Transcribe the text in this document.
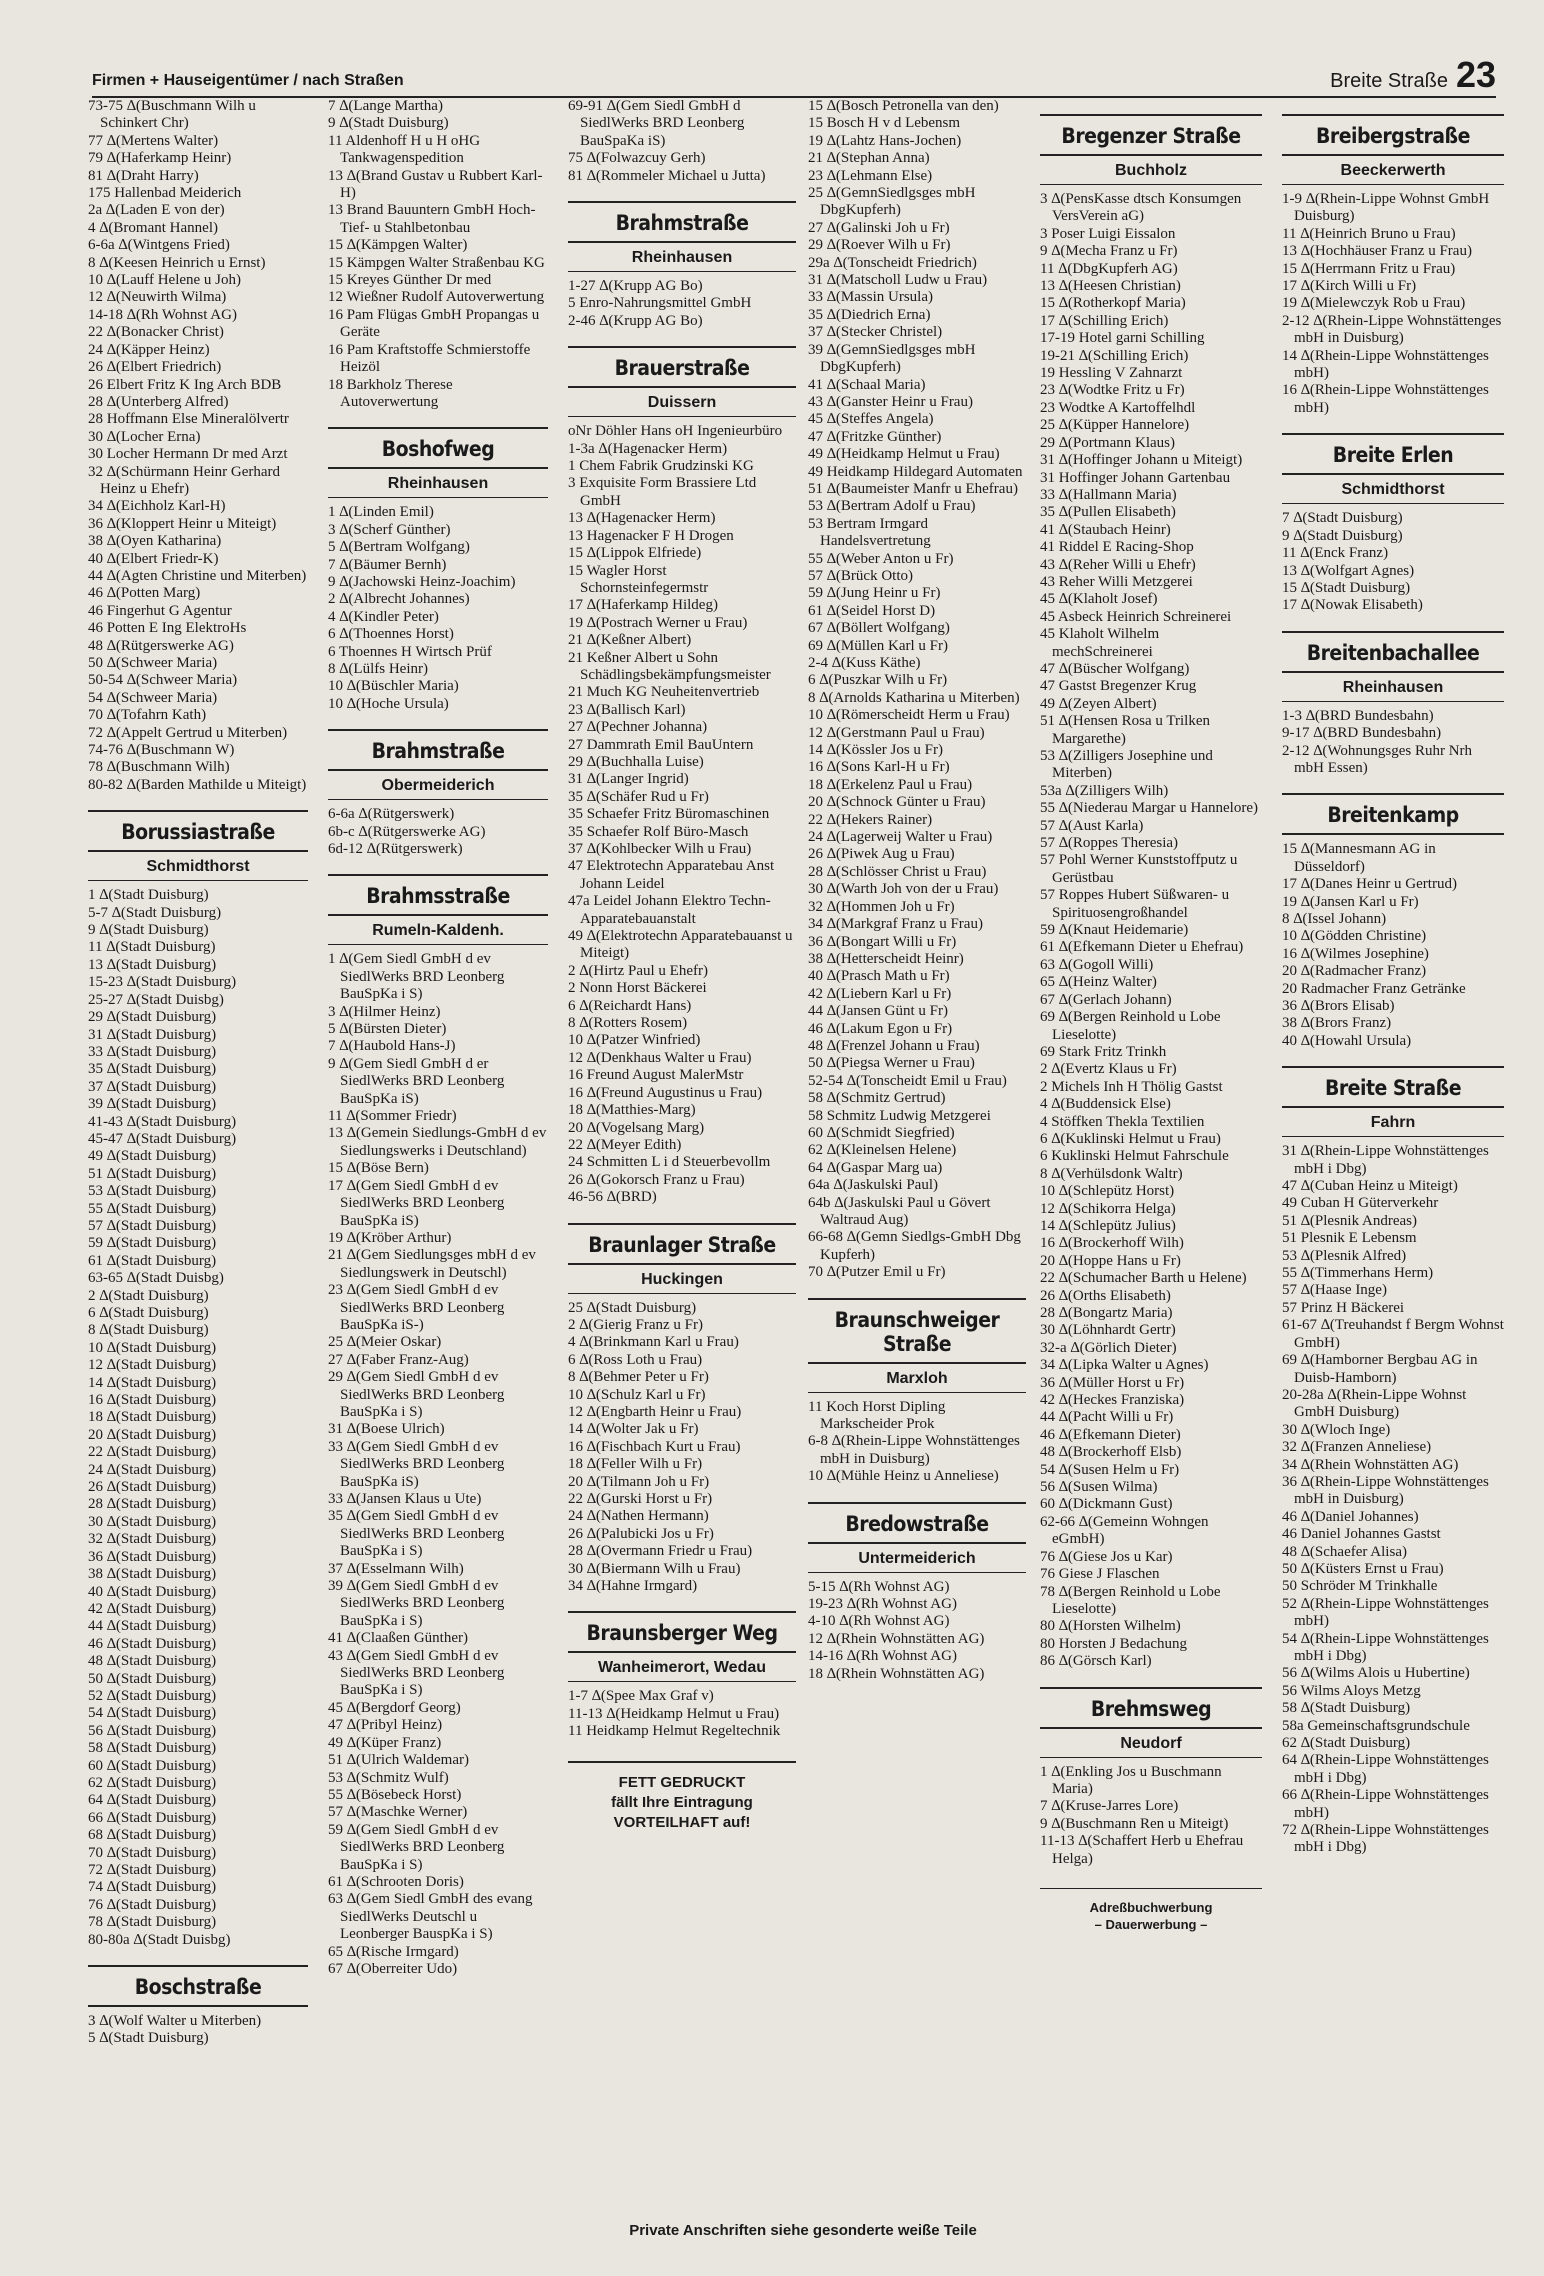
Firmen + Hauseigentümer / nach Straßen	Breite Straße 23
73-75 ∆(Buschmann Wilh u Schinkert Chr)
77 ∆(Mertens Walter)
79 ∆(Haferkamp Heinr)
81 ∆(Draht Harry)
175 Hallenbad Meiderich
2a ∆(Laden E von der)
4 ∆(Bromant Hannel)
6-6a ∆(Wintgens Fried)
8 ∆(Keesen Heinrich u Ernst)
10 ∆(Lauff Helene u Joh)
12 ∆(Neuwirth Wilma)
14-18 ∆(Rh Wohnst AG)
22 ∆(Bonacker Christ)
24 ∆(Käpper Heinz)
26 ∆(Elbert Friedrich)
26 Elbert Fritz K Ing Arch BDB
28 ∆(Unterberg Alfred)
28 Hoffmann Else Mineralölvertr
30 ∆(Locher Erna)
30 Locher Hermann Dr med Arzt
32 ∆(Schürmann Heinr Gerhard Heinz u Ehefr)
34 ∆(Eichholz Karl-H)
36 ∆(Kloppert Heinr u Miteigt)
38 ∆(Oyen Katharina)
40 ∆(Elbert Friedr-K)
44 ∆(Agten Christine und Miterben)
46 ∆(Potten Marg)
46 Fingerhut G Agentur
46 Potten E Ing ElektroHs
48 ∆(Rütgerswerke AG)
50 ∆(Schweer Maria)
50-54 ∆(Schweer Maria)
54 ∆(Schweer Maria)
70 ∆(Tofahrn Kath)
72 ∆(Appelt Gertrud u Miterben)
74-76 ∆(Buschmann W)
78 ∆(Buschmann Wilh)
80-82 ∆(Barden Mathilde u Miteigt)
Borussiastraße
Schmidthorst
1 ∆(Stadt Duisburg)
5-7 ∆(Stadt Duisburg)
9 ∆(Stadt Duisburg)
11 ∆(Stadt Duisburg)
13 ∆(Stadt Duisburg)
15-23 ∆(Stadt Duisburg)
25-27 ∆(Stadt Duisbg)
29 ∆(Stadt Duisburg)
31 ∆(Stadt Duisburg)
33 ∆(Stadt Duisburg)
35 ∆(Stadt Duisburg)
37 ∆(Stadt Duisburg)
39 ∆(Stadt Duisburg)
41-43 ∆(Stadt Duisburg)
45-47 ∆(Stadt Duisburg)
49 ∆(Stadt Duisburg)
51 ∆(Stadt Duisburg)
53 ∆(Stadt Duisburg)
55 ∆(Stadt Duisburg)
57 ∆(Stadt Duisburg)
59 ∆(Stadt Duisburg)
61 ∆(Stadt Duisburg)
63-65 ∆(Stadt Duisbg)
2 ∆(Stadt Duisburg)
6 ∆(Stadt Duisburg)
8 ∆(Stadt Duisburg)
10 ∆(Stadt Duisburg)
12 ∆(Stadt Duisburg)
14 ∆(Stadt Duisburg)
16 ∆(Stadt Duisburg)
18 ∆(Stadt Duisburg)
20 ∆(Stadt Duisburg)
22 ∆(Stadt Duisburg)
24 ∆(Stadt Duisburg)
26 ∆(Stadt Duisburg)
28 ∆(Stadt Duisburg)
30 ∆(Stadt Duisburg)
32 ∆(Stadt Duisburg)
36 ∆(Stadt Duisburg)
38 ∆(Stadt Duisburg)
40 ∆(Stadt Duisburg)
42 ∆(Stadt Duisburg)
44 ∆(Stadt Duisburg)
46 ∆(Stadt Duisburg)
48 ∆(Stadt Duisburg)
50 ∆(Stadt Duisburg)
52 ∆(Stadt Duisburg)
54 ∆(Stadt Duisburg)
56 ∆(Stadt Duisburg)
58 ∆(Stadt Duisburg)
60 ∆(Stadt Duisburg)
62 ∆(Stadt Duisburg)
64 ∆(Stadt Duisburg)
66 ∆(Stadt Duisburg)
68 ∆(Stadt Duisburg)
70 ∆(Stadt Duisburg)
72 ∆(Stadt Duisburg)
74 ∆(Stadt Duisburg)
76 ∆(Stadt Duisburg)
78 ∆(Stadt Duisburg)
80-80a ∆(Stadt Duisbg)
Boschstraße
3 ∆(Wolf Walter u Miterben)
5 ∆(Stadt Duisburg)
7 ∆(Lange Martha)
9 ∆(Stadt Duisburg)
11 Aldenhoff H u H oHG Tankwagenspedition
13 ∆(Brand Gustav u Rubbert Karl-H)
13 Brand Bauuntern GmbH Hoch- Tief- u Stahlbetonbau
15 ∆(Kämpgen Walter)
15 Kämpgen Walter Straßenbau KG
15 Kreyes Günther Dr med
12 Wießner Rudolf Autoverwertung
16 Pam Flügas GmbH Propangas u Geräte
16 Pam Kraftstoffe Schmierstoffe Heizöl
18 Barkholz Therese Autoverwertung
Boshofweg
Rheinhausen
1 ∆(Linden Emil)
3 ∆(Scherf Günther)
5 ∆(Bertram Wolfgang)
7 ∆(Bäumer Bernh)
9 ∆(Jachowski Heinz-Joachim)
2 ∆(Albrecht Johannes)
4 ∆(Kindler Peter)
6 ∆(Thoennes Horst)
6 Thoennes H Wirtsch Prüf
8 ∆(Lülfs Heinr)
10 ∆(Büschler Maria)
10 ∆(Hoche Ursula)
Brahmstraße
Obermeiderich
6-6a ∆(Rütgerswerk)
6b-c ∆(Rütgerswerke AG)
6d-12 ∆(Rütgerswerk)
Brahmsstraße
Rumeln-Kaldenh.
1 ∆(Gem Siedl GmbH d ev SiedlWerks BRD Leonberg BauSpKa i S)
3 ∆(Hilmer Heinz)
5 ∆(Bürsten Dieter)
7 ∆(Haubold Hans-J)
9 ∆(Gem Siedl GmbH d er SiedlWerks BRD Leonberg BauSpKa iS)
11 ∆(Sommer Friedr)
13 ∆(Gemein Siedlungs-GmbH d ev Siedlungswerks i Deutschland)
15 ∆(Böse Bern)
17 ∆(Gem Siedl GmbH d ev SiedlWerks BRD Leonberg BauSpKa iS)
19 ∆(Kröber Arthur)
21 ∆(Gem Siedlungsges mbH d ev Siedlungswerk in Deutschl)
23 ∆(Gem Siedl GmbH d ev SiedlWerks BRD Leonberg BauSpKa iS-)
25 ∆(Meier Oskar)
27 ∆(Faber Franz-Aug)
29 ∆(Gem Siedl GmbH d ev SiedlWerks BRD Leonberg BauSpKa i S)
31 ∆(Boese Ulrich)
33 ∆(Gem Siedl GmbH d ev SiedlWerks BRD Leonberg BauSpKa iS)
33 ∆(Jansen Klaus u Ute)
35 ∆(Gem Siedl GmbH d ev SiedlWerks BRD Leonberg BauSpKa i S)
37 ∆(Esselmann Wilh)
39 ∆(Gem Siedl GmbH d ev SiedlWerks BRD Leonberg BauSpKa i S)
41 ∆(Claaßen Günther)
43 ∆(Gem Siedl GmbH d ev SiedlWerks BRD Leonberg BauSpKa i S)
45 ∆(Bergdorf Georg)
47 ∆(Pribyl Heinz)
49 ∆(Küper Franz)
51 ∆(Ulrich Waldemar)
53 ∆(Schmitz Wulf)
55 ∆(Bösebeck Horst)
57 ∆(Maschke Werner)
59 ∆(Gem Siedl GmbH d ev SiedlWerks BRD Leonberg BauSpKa i S)
61 ∆(Schrooten Doris)
63 ∆(Gem Siedl GmbH des evang SiedlWerks Deutschl u Leonberger BauspKa i S)
65 ∆(Rische Irmgard)
67 ∆(Oberreiter Udo)
69-91 ∆(Gem Siedl GmbH d SiedlWerks BRD Leonberg BauSpaKa iS)
75 ∆(Folwazcuy Gerh)
81 ∆(Rommeler Michael u Jutta)
Brahmstraße
Rheinhausen
1-27 ∆(Krupp AG Bo)
5 Enro-Nahrungsmittel GmbH
2-46 ∆(Krupp AG Bo)
Brauerstraße
Duissern
oNr Döhler Hans oH Ingenieurbüro
1-3a ∆(Hagenacker Herm)
1 Chem Fabrik Grudzinski KG
3 Exquisite Form Brassiere Ltd GmbH
13 ∆(Hagenacker Herm)
13 Hagenacker F H Drogen
15 ∆(Lippok Elfriede)
15 Wagler Horst Schornsteinfegermstr
17 ∆(Haferkamp Hildeg)
19 ∆(Postrach Werner u Frau)
21 ∆(Keßner Albert)
21 Keßner Albert u Sohn Schädlingsbekämpfungsmeister
21 Much KG Neuheitenvertrieb
23 ∆(Ballisch Karl)
27 ∆(Pechner Johanna)
27 Dammrath Emil BauUntern
29 ∆(Buchhalla Luise)
31 ∆(Langer Ingrid)
35 ∆(Schäfer Rud u Fr)
35 Schaefer Fritz Büromaschinen
35 Schaefer Rolf Büro-Masch
37 ∆(Kohlbecker Wilh u Frau)
47 Elektrotechn Apparatebau Anst Johann Leidel
47a Leidel Johann Elektro Techn-Apparatebauanstalt
49 ∆(Elektrotechn Apparatebauanst u Miteigt)
2 ∆(Hirtz Paul u Ehefr)
2 Nonn Horst Bäckerei
6 ∆(Reichardt Hans)
8 ∆(Rotters Rosem)
10 ∆(Patzer Winfried)
12 ∆(Denkhaus Walter u Frau)
16 Freund August MalerMstr
16 ∆(Freund Augustinus u Frau)
18 ∆(Matthies-Marg)
20 ∆(Vogelsang Marg)
22 ∆(Meyer Edith)
24 Schmitten L i d Steuerbevollm
26 ∆(Gokorsch Franz u Frau)
46-56 ∆(BRD)
Braunlager Straße
Huckingen
25 ∆(Stadt Duisburg)
2 ∆(Gierig Franz u Fr)
4 ∆(Brinkmann Karl u Frau)
6 ∆(Ross Loth u Frau)
8 ∆(Behmer Peter u Fr)
10 ∆(Schulz Karl u Fr)
12 ∆(Engbarth Heinr u Frau)
14 ∆(Wolter Jak u Fr)
16 ∆(Fischbach Kurt u Frau)
18 ∆(Feller Wilh u Fr)
20 ∆(Tilmann Joh u Fr)
22 ∆(Gurski Horst u Fr)
24 ∆(Nathen Hermann)
26 ∆(Palubicki Jos u Fr)
28 ∆(Overmann Friedr u Frau)
30 ∆(Biermann Wilh u Frau)
34 ∆(Hahne Irmgard)
Braunsberger Weg
Wanheimerort, Wedau
1-7 ∆(Spee Max Graf v)
11-13 ∆(Heidkamp Helmut u Frau)
11 Heidkamp Helmut Regeltechnik
FETT GEDRUCKT
fällt Ihre Eintragung
VORTEILHAFT auf!
15 ∆(Bosch Petronella van den)
15 Bosch H v d Lebensm
19 ∆(Lahtz Hans-Jochen)
21 ∆(Stephan Anna)
23 ∆(Lehmann Else)
25 ∆(GemnSiedlgsges mbH DbgKupferh)
27 ∆(Galinski Joh u Fr)
29 ∆(Roever Wilh u Fr)
29a ∆(Tonscheidt Friedrich)
31 ∆(Matscholl Ludw u Frau)
33 ∆(Massin Ursula)
35 ∆(Diedrich Erna)
37 ∆(Stecker Christel)
39 ∆(GemnSiedlgsges mbH DbgKupferh)
41 ∆(Schaal Maria)
43 ∆(Ganster Heinr u Frau)
45 ∆(Steffes Angela)
47 ∆(Fritzke Günther)
49 ∆(Heidkamp Helmut u Frau)
49 Heidkamp Hildegard Automaten
51 ∆(Baumeister Manfr u Ehefrau)
53 ∆(Bertram Adolf u Frau)
53 Bertram Irmgard Handelsvertretung
55 ∆(Weber Anton u Fr)
57 ∆(Brück Otto)
59 ∆(Jung Heinr u Fr)
61 ∆(Seidel Horst D)
67 ∆(Böllert Wolfgang)
69 ∆(Müllen Karl u Fr)
2-4 ∆(Kuss Käthe)
6 ∆(Puszkar Wilh u Fr)
8 ∆(Arnolds Katharina u Miterben)
10 ∆(Römerscheidt Herm u Frau)
12 ∆(Gerstmann Paul u Frau)
14 ∆(Kössler Jos u Fr)
16 ∆(Sons Karl-H u Fr)
18 ∆(Erkelenz Paul u Frau)
20 ∆(Schnock Günter u Frau)
22 ∆(Hekers Rainer)
24 ∆(Lagerweij Walter u Frau)
26 ∆(Piwek Aug u Frau)
28 ∆(Schlösser Christ u Frau)
30 ∆(Warth Joh von der u Frau)
32 ∆(Hommen Joh u Fr)
34 ∆(Markgraf Franz u Frau)
36 ∆(Bongart Willi u Fr)
38 ∆(Hetterscheidt Heinr)
40 ∆(Prasch Math u Fr)
42 ∆(Liebern Karl u Fr)
44 ∆(Jansen Günt u Fr)
46 ∆(Lakum Egon u Fr)
48 ∆(Frenzel Johann u Frau)
50 ∆(Piegsa Werner u Frau)
52-54 ∆(Tonscheidt Emil u Frau)
58 ∆(Schmitz Gertrud)
58 Schmitz Ludwig Metzgerei
60 ∆(Schmidt Siegfried)
62 ∆(Kleinelsen Helene)
64 ∆(Gaspar Marg ua)
64a ∆(Jaskulski Paul)
64b ∆(Jaskulski Paul u Gövert Waltraud Aug)
66-68 ∆(Gemn Siedlgs-GmbH Dbg Kupferh)
70 ∆(Putzer Emil u Fr)
Braunschweiger Straße
Marxloh
11 Koch Horst Dipling Markscheider Prok
6-8 ∆(Rhein-Lippe Wohnstättenges mbH in Duisburg)
10 ∆(Mühle Heinz u Anneliese)
Bredowstraße
Untermeiderich
5-15 ∆(Rh Wohnst AG)
19-23 ∆(Rh Wohnst AG)
4-10 ∆(Rh Wohnst AG)
12 ∆(Rhein Wohnstätten AG)
14-16 ∆(Rh Wohnst AG)
18 ∆(Rhein Wohnstätten AG)
Bregenzer Straße
Buchholz
3 ∆(PensKasse dtsch Konsumgen VersVerein aG)
3 Poser Luigi Eissalon
9 ∆(Mecha Franz u Fr)
11 ∆(DbgKupferh AG)
13 ∆(Heesen Christian)
15 ∆(Rotherkopf Maria)
17 ∆(Schilling Erich)
17-19 Hotel garni Schilling
19-21 ∆(Schilling Erich)
19 Hessling V Zahnarzt
23 ∆(Wodtke Fritz u Fr)
23 Wodtke A Kartoffelhdl
25 ∆(Küpper Hannelore)
29 ∆(Portmann Klaus)
31 ∆(Hoffinger Johann u Miteigt)
31 Hoffinger Johann Gartenbau
33 ∆(Hallmann Maria)
35 ∆(Pullen Elisabeth)
41 ∆(Staubach Heinr)
41 Riddel E Racing-Shop
43 ∆(Reher Willi u Ehefr)
43 Reher Willi Metzgerei
45 ∆(Klaholt Josef)
45 Asbeck Heinrich Schreinerei
45 Klaholt Wilhelm mechSchreinerei
47 ∆(Büscher Wolfgang)
47 Gastst Bregenzer Krug
49 ∆(Zeyen Albert)
51 ∆(Hensen Rosa u Trilken Margarethe)
53 ∆(Zilligers Josephine und Miterben)
53a ∆(Zilligers Wilh)
55 ∆(Niederau Margar u Hannelore)
57 ∆(Aust Karla)
57 ∆(Roppes Theresia)
57 Pohl Werner Kunststoffputz u Gerüstbau
57 Roppes Hubert Süßwaren- u Spirituosengroßhandel
59 ∆(Knaut Heidemarie)
61 ∆(Efkemann Dieter u Ehefrau)
63 ∆(Gogoll Willi)
65 ∆(Heinz Walter)
67 ∆(Gerlach Johann)
69 ∆(Bergen Reinhold u Lobe Lieselotte)
69 Stark Fritz Trinkh
2 ∆(Evertz Klaus u Fr)
2 Michels Inh H Thölig Gastst
4 ∆(Buddensick Else)
4 Stöffken Thekla Textilien
6 ∆(Kuklinski Helmut u Frau)
6 Kuklinski Helmut Fahrschule
8 ∆(Verhülsdonk Waltr)
10 ∆(Schlepütz Horst)
12 ∆(Schikorra Helga)
14 ∆(Schlepütz Julius)
16 ∆(Brockerhoff Wilh)
20 ∆(Hoppe Hans u Fr)
22 ∆(Schumacher Barth u Helene)
26 ∆(Orths Elisabeth)
28 ∆(Bongartz Maria)
30 ∆(Löhnhardt Gertr)
32-a ∆(Görlich Dieter)
34 ∆(Lipka Walter u Agnes)
36 ∆(Müller Horst u Fr)
42 ∆(Heckes Franziska)
44 ∆(Pacht Willi u Fr)
46 ∆(Efkemann Dieter)
48 ∆(Brockerhoff Elsb)
54 ∆(Susen Helm u Fr)
56 ∆(Susen Wilma)
60 ∆(Dickmann Gust)
62-66 ∆(Gemeinn Wohngen eGmbH)
76 ∆(Giese Jos u Kar)
76 Giese J Flaschen
78 ∆(Bergen Reinhold u Lobe Lieselotte)
80 ∆(Horsten Wilhelm)
80 Horsten J Bedachung
86 ∆(Görsch Karl)
Brehmsweg
Neudorf
1 ∆(Enkling Jos u Buschmann Maria)
7 ∆(Kruse-Jarres Lore)
9 ∆(Buschmann Ren u Miteigt)
11-13 ∆(Schaffert Herb u Ehefrau Helga)
Adreßbuchwerbung
– Dauerwerbung –
Breibergstraße
Beeckerwerth
1-9 ∆(Rhein-Lippe Wohnst GmbH Duisburg)
11 ∆(Heinrich Bruno u Frau)
13 ∆(Hochhäuser Franz u Frau)
15 ∆(Herrmann Fritz u Frau)
17 ∆(Kirch Willi u Fr)
19 ∆(Mielewczyk Rob u Frau)
2-12 ∆(Rhein-Lippe Wohnstättenges mbH in Duisburg)
14 ∆(Rhein-Lippe Wohnstättenges mbH)
16 ∆(Rhein-Lippe Wohnstättenges mbH)
Breite Erlen
Schmidthorst
7 ∆(Stadt Duisburg)
9 ∆(Stadt Duisburg)
11 ∆(Enck Franz)
13 ∆(Wolfgart Agnes)
15 ∆(Stadt Duisburg)
17 ∆(Nowak Elisabeth)
Breitenbachallee
Rheinhausen
1-3 ∆(BRD Bundesbahn)
9-17 ∆(BRD Bundesbahn)
2-12 ∆(Wohnungsges Ruhr Nrh mbH Essen)
Breitenkamp
15 ∆(Mannesmann AG in Düsseldorf)
17 ∆(Danes Heinr u Gertrud)
19 ∆(Jansen Karl u Fr)
8 ∆(Issel Johann)
10 ∆(Gödden Christine)
16 ∆(Wilmes Josephine)
20 ∆(Radmacher Franz)
20 Radmacher Franz Getränke
36 ∆(Brors Elisab)
38 ∆(Brors Franz)
40 ∆(Howahl Ursula)
Breite Straße
Fahrn
31 ∆(Rhein-Lippe Wohnstättenges mbH i Dbg)
47 ∆(Cuban Heinz u Miteigt)
49 Cuban H Güterverkehr
51 ∆(Plesnik Andreas)
51 Plesnik E Lebensm
53 ∆(Plesnik Alfred)
55 ∆(Timmerhans Herm)
57 ∆(Haase Inge)
57 Prinz H Bäckerei
61-67 ∆(Treuhandst f Bergm Wohnst GmbH)
69 ∆(Hamborner Bergbau AG in Duisb-Hamborn)
20-28a ∆(Rhein-Lippe Wohnst GmbH Duisburg)
30 ∆(Wloch Inge)
32 ∆(Franzen Anneliese)
34 ∆(Rhein Wohnstätten AG)
36 ∆(Rhein-Lippe Wohnstättenges mbH in Duisburg)
46 ∆(Daniel Johannes)
46 Daniel Johannes Gastst
48 ∆(Schaefer Alisa)
50 ∆(Küsters Ernst u Frau)
50 Schröder M Trinkhalle
52 ∆(Rhein-Lippe Wohnstättenges mbH)
54 ∆(Rhein-Lippe Wohnstättenges mbH i Dbg)
56 ∆(Wilms Alois u Hubertine)
56 Wilms Aloys Metzg
58 ∆(Stadt Duisburg)
58a Gemeinschaftsgrundschule
62 ∆(Stadt Duisburg)
64 ∆(Rhein-Lippe Wohnstättenges mbH i Dbg)
66 ∆(Rhein-Lippe Wohnstättenges mbH)
72 ∆(Rhein-Lippe Wohnstättenges mbH i Dbg)
Private Anschriften siehe gesonderte weiße Teile
